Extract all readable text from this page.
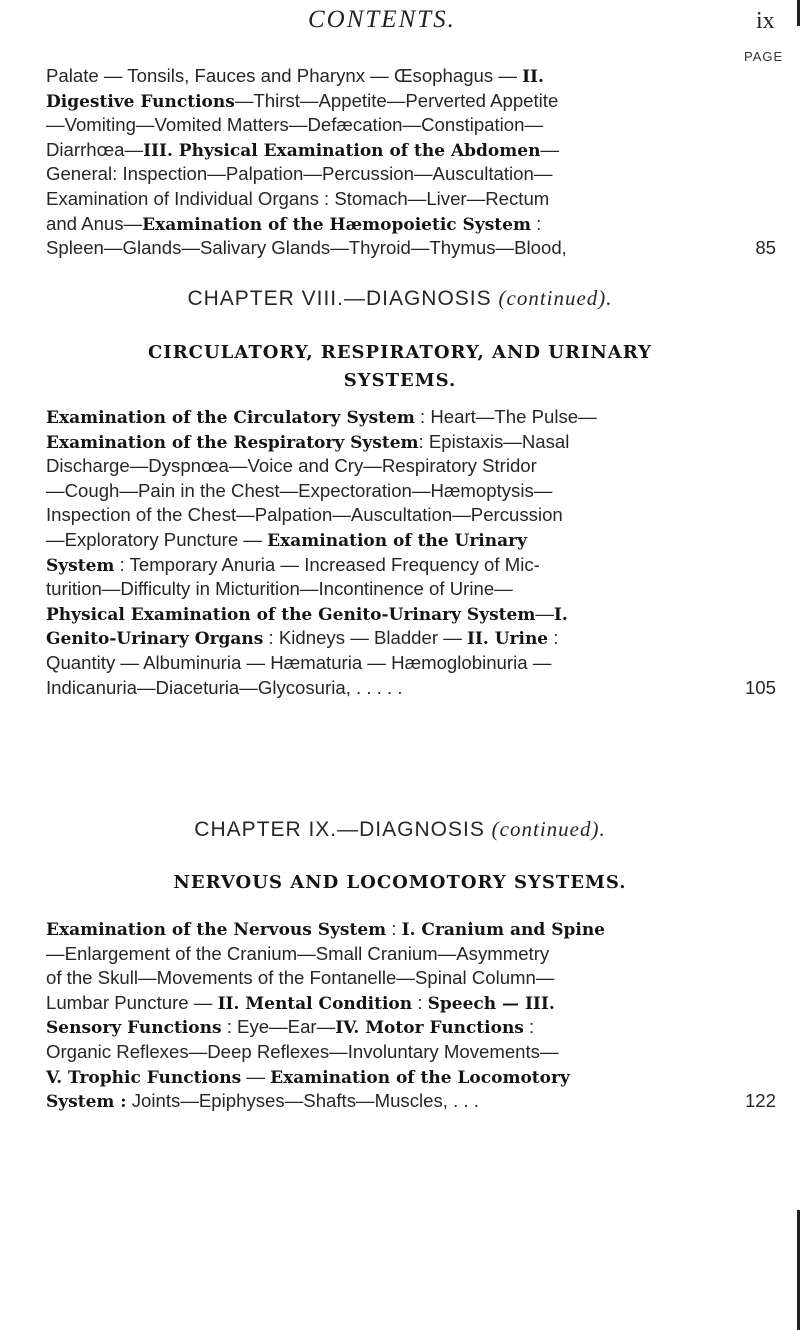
CONTENTS.	ix
PAGE
Palate — Tonsils, Fauces and Pharynx — Œsophagus — II.
Digestive Functions—Thirst—Appetite—Perverted Appetite
—Vomiting—Vomited Matters—Defæcation—Constipation—
Diarrhœa—III. Physical Examination of the Abdomen—
General: Inspection—Palpation—Percussion—Auscultation—
Examination of Individual Organs : Stomach—Liver—Rectum
and Anus—Examination of the Hæmopoietic System :
Spleen—Glands—Salivary Glands—Thyroid—Thymus—Blood,	85
CHAPTER VIII.—DIAGNOSIS (continued).
CIRCULATORY, RESPIRATORY, AND URINARY
SYSTEMS.
Examination of the Circulatory System : Heart—The Pulse—
Examination of the Respiratory System: Epistaxis—Nasal
Discharge—Dyspnœa—Voice and Cry—Respiratory Stridor
—Cough—Pain in the Chest—Expectoration—Hæmoptysis—
Inspection of the Chest—Palpation—Auscultation—Percussion
—Exploratory Puncture — Examination of the Urinary
System : Temporary Anuria — Increased Frequency of Mic-
turition—Difficulty in Micturition—Incontinence of Urine—
Physical Examination of the Genito-Urinary System—I.
Genito-Urinary Organs : Kidneys — Bladder — II. Urine :
Quantity — Albuminuria — Hæmaturia — Hæmoglobinuria —
Indicanuria—Diaceturia—Glycosuria, . . . . .	105
CHAPTER IX.—DIAGNOSIS (continued).
NERVOUS AND LOCOMOTORY SYSTEMS.
Examination of the Nervous System : I. Cranium and Spine
—Enlargement of the Cranium—Small Cranium—Asymmetry
of the Skull—Movements of the Fontanelle—Spinal Column—
Lumbar Puncture — II. Mental Condition : Speech — III.
Sensory Functions : Eye—Ear—IV. Motor Functions :
Organic Reflexes—Deep Reflexes—Involuntary Movements—
V. Trophic Functions — Examination of the Locomotory
System : Joints—Epiphyses—Shafts—Muscles, . . .	122
